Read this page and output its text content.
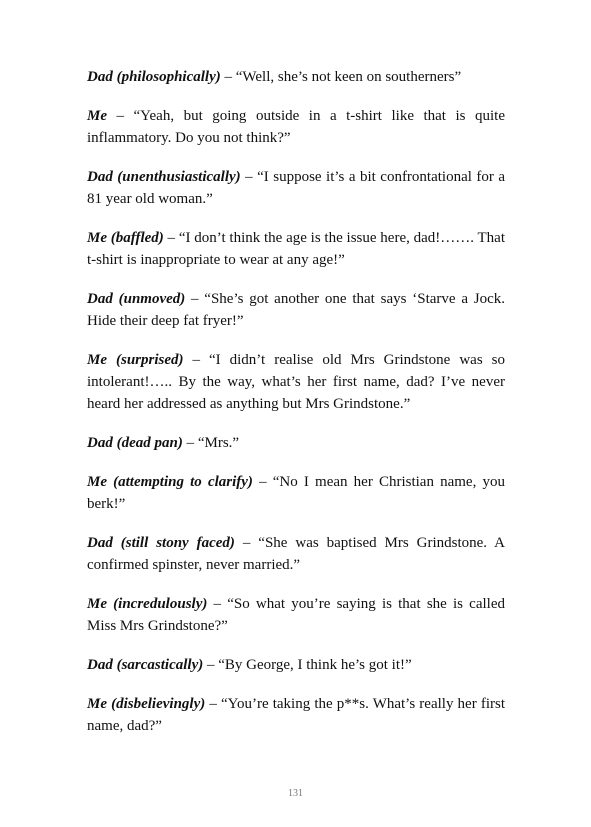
Dad (philosophically) – “Well, she’s not keen on southerners”

Me – “Yeah, but going outside in a t-shirt like that is quite inflammatory. Do you not think?”

Dad (unenthusiastically) – “I suppose it’s a bit confrontational for a 81 year old woman.”

Me (baffled) – “I don’t think the age is the issue here, dad!……. That t-shirt is inappropriate to wear at any age!”

Dad (unmoved) – “She’s got another one that says ‘Starve a Jock. Hide their deep fat fryer!”

Me (surprised) – “I didn’t realise old Mrs Grindstone was so intolerant!….. By the way, what’s her first name, dad? I’ve never heard her addressed as anything but Mrs Grindstone.”

Dad (dead pan) – “Mrs.”

Me (attempting to clarify) – “No I mean her Christian name, you berk!”

Dad (still stony faced) – “She was baptised Mrs Grindstone. A confirmed spinster, never married.”

Me (incredulously) – “So what you’re saying is that she is called Miss Mrs Grindstone?”

Dad (sarcastically) – “By George, I think he’s got it!”

Me (disbelievingly) – “You’re taking the p**s. What’s really her first name, dad?”

131
